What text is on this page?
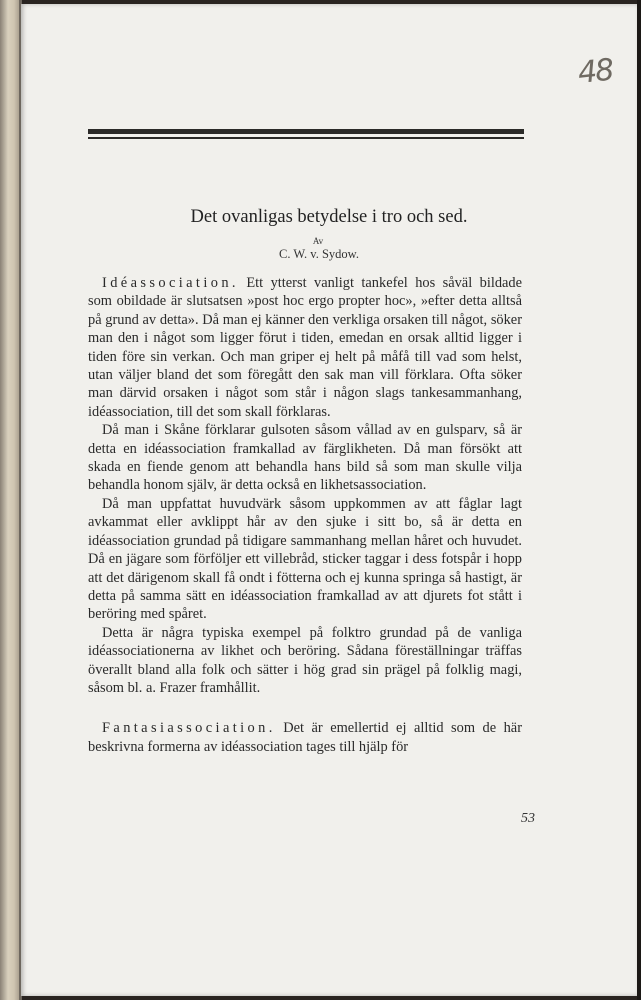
48
Det ovanligas betydelse i tro och sed.
Av
C. W. v. Sydow.

Idéassociation. Ett ytterst vanligt tankefel hos såväl bildade som obildade är slutsatsen »post hoc ergo propter hoc», »efter detta alltså på grund av detta». Då man ej känner den verkliga orsaken till något, söker man den i något som ligger förut i tiden, emedan en orsak alltid ligger i tiden före sin verkan. Och man griper ej helt på måfå till vad som helst, utan väljer bland det som föregått den sak man vill förklara. Ofta söker man därvid orsaken i något som står i någon slags tankesammanhang, idéassociation, till det som skall förklaras.

Då man i Skåne förklarar gulsoten såsom vållad av en gulsparv, så är detta en idéassociation framkallad av färglikheten. Då man försökt att skada en fiende genom att behandla hans bild så som man skulle vilja behandla honom själv, är detta också en likhetsassociation.

Då man uppfattat huvudvärk såsom uppkommen av att fåglar lagt avkammat eller avklippt hår av den sjuke i sitt bo, så är detta en idéassociation grundad på tidigare sammanhang mellan håret och huvudet. Då en jägare som förföljer ett villebråd, sticker taggar i dess fotspår i hopp att det därigenom skall få ondt i fötterna och ej kunna springa så hastigt, är detta på samma sätt en idéassociation framkallad av att djurets fot stått i beröring med spåret.

Detta är några typiska exempel på folktro grundad på de vanliga idéassociationerna av likhet och beröring. Sådana föreställningar träffas överallt bland alla folk och sätter i hög grad sin prägel på folklig magi, såsom bl. a. Frazer framhållit.

Fantasiassociation. Det är emellertid ej alltid som de här beskrivna formerna av idéassociation tages till hjälp för

53
